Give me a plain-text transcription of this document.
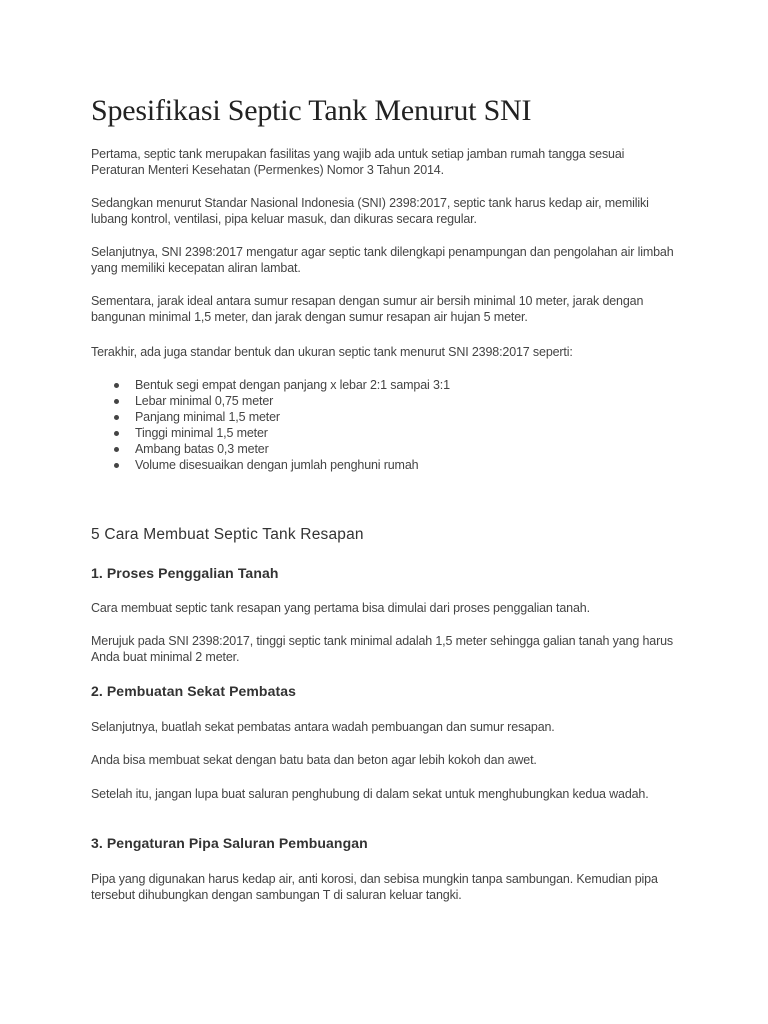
Spesifikasi Septic Tank Menurut SNI

Pertama, septic tank merupakan fasilitas yang wajib ada untuk setiap jamban rumah tangga sesuai Peraturan Menteri Kesehatan (Permenkes) Nomor 3 Tahun 2014.

Sedangkan menurut Standar Nasional Indonesia (SNI) 2398:2017, septic tank harus kedap air, memiliki lubang kontrol, ventilasi, pipa keluar masuk, dan dikuras secara regular.

Selanjutnya, SNI 2398:2017 mengatur agar septic tank dilengkapi penampungan dan pengolahan air limbah yang memiliki kecepatan aliran lambat.

Sementara, jarak ideal antara sumur resapan dengan sumur air bersih minimal 10 meter, jarak dengan bangunan minimal 1,5 meter, dan jarak dengan sumur resapan air hujan 5 meter.

Terakhir, ada juga standar bentuk dan ukuran septic tank menurut SNI 2398:2017 seperti:

Bentuk segi empat dengan panjang x lebar 2:1 sampai 3:1
Lebar minimal 0,75 meter
Panjang minimal 1,5 meter
Tinggi minimal 1,5 meter
Ambang batas 0,3 meter
Volume disesuaikan dengan jumlah penghuni rumah
5 Cara Membuat Septic Tank Resapan
1. Proses Penggalian Tanah

Cara membuat septic tank resapan yang pertama bisa dimulai dari proses penggalian tanah.

Merujuk pada SNI 2398:2017, tinggi septic tank minimal adalah 1,5 meter sehingga galian tanah yang harus Anda buat minimal 2 meter.

2. Pembuatan Sekat Pembatas

Selanjutnya, buatlah sekat pembatas antara wadah pembuangan dan sumur resapan.

Anda bisa membuat sekat dengan batu bata dan beton agar lebih kokoh dan awet.

Setelah itu, jangan lupa buat saluran penghubung di dalam sekat untuk menghubungkan kedua wadah.

3. Pengaturan Pipa Saluran Pembuangan

Pipa yang digunakan harus kedap air, anti korosi, dan sebisa mungkin tanpa sambungan. Kemudian pipa tersebut dihubungkan dengan sambungan T di saluran keluar tangki.
